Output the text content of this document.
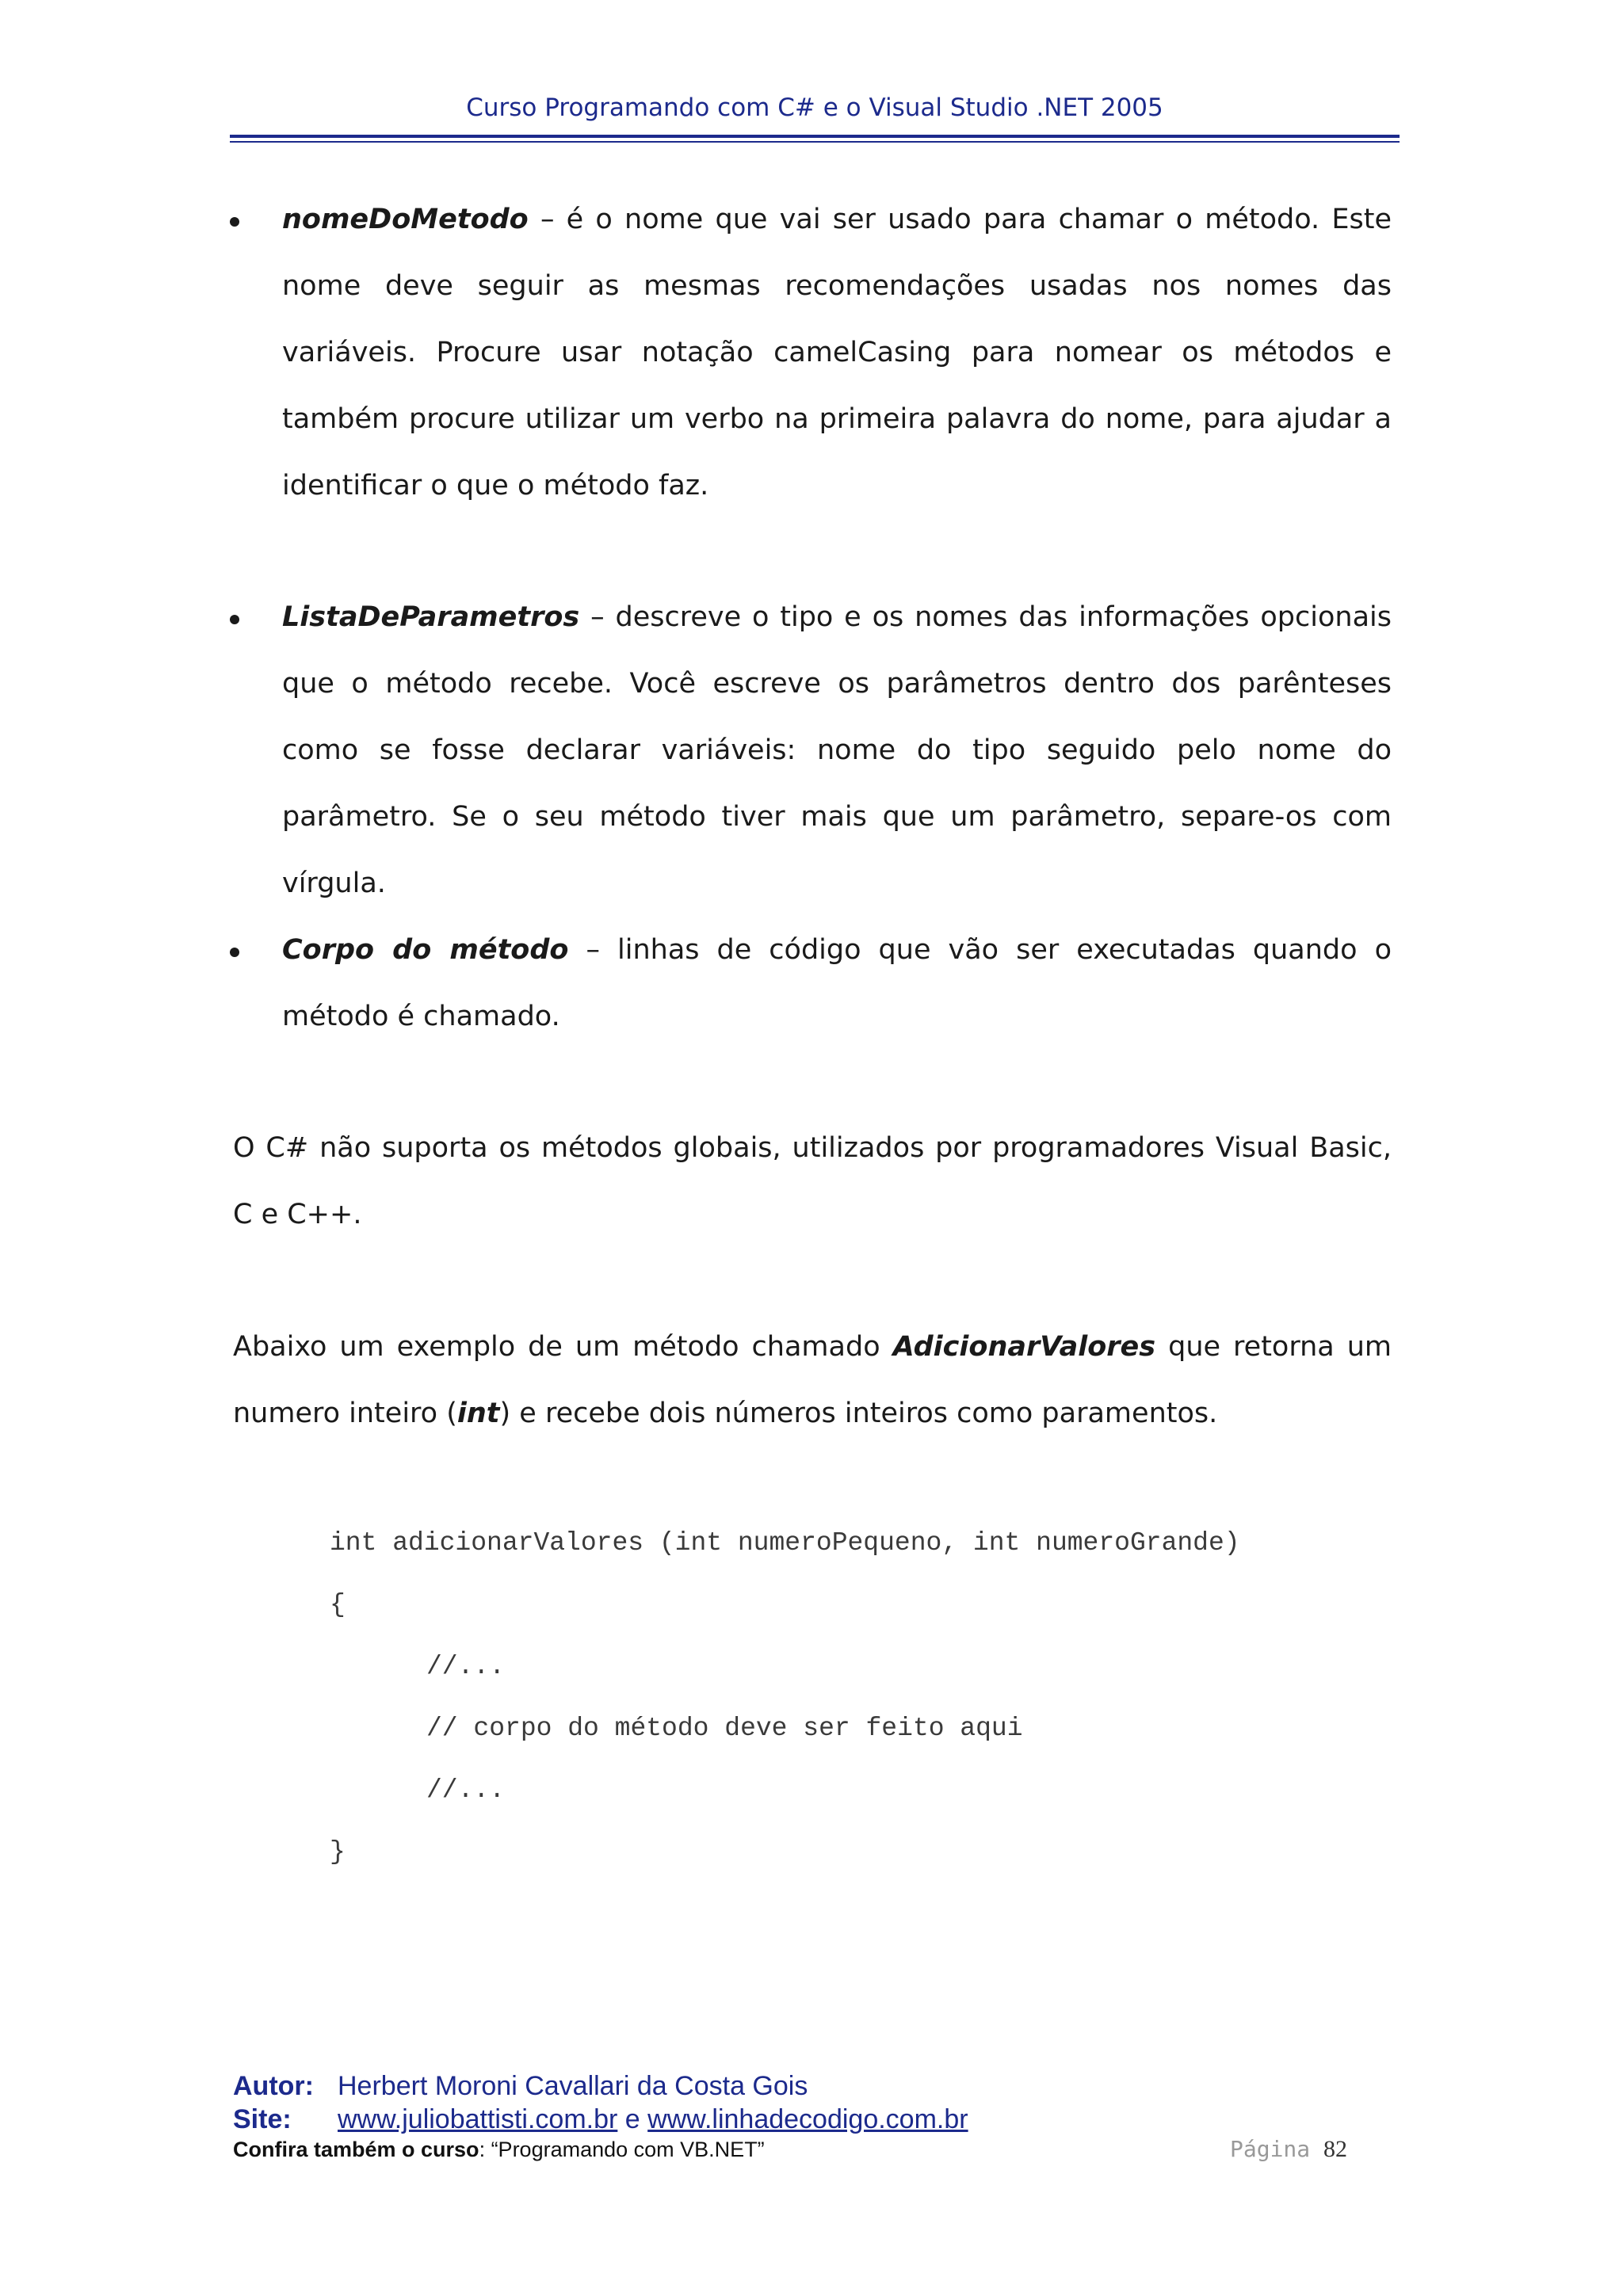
Curso Programando com C# e o Visual Studio .NET 2005

nomeDoMetodo – é o nome que vai ser usado para chamar o método. Este nome deve seguir as mesmas recomendações usadas nos nomes das variáveis. Procure usar notação camelCasing para nomear os métodos e também procure utilizar um verbo na primeira palavra do nome, para ajudar a identificar o que o método faz.

ListaDeParametros – descreve o tipo e os nomes das informações opcionais que o método recebe. Você escreve os parâmetros dentro dos parênteses como se fosse declarar variáveis: nome do tipo seguido pelo nome do parâmetro. Se o seu método tiver mais que um parâmetro, separe-os com vírgula.

Corpo do método – linhas de código que vão ser executadas quando o método é chamado.

O C# não suporta os métodos globais, utilizados por programadores Visual Basic, C e C++.

Abaixo um exemplo de um método chamado AdicionarValores que retorna um numero inteiro (int) e recebe dois números inteiros como paramentos.

int adicionarValores (int numeroPequeno, int numeroGrande)
{
//...
// corpo do método deve ser feito aqui
//...
}
Autor: Herbert Moroni Cavallari da Costa Gois
Site: www.juliobattisti.com.br e www.linhadecodigo.com.br
Confira também o curso: “Programando com VB.NET”	Página 82
